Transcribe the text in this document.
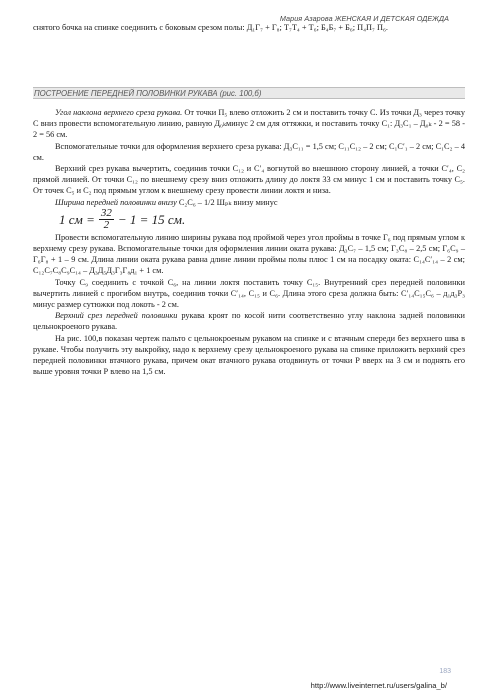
Мария Азарова ЖЕНСКАЯ И ДЕТСКАЯ ОДЕЖДА
снятого бочка на спинке соединить с боковым срезом полы: Д₁Г₇ + Г₈; Т₇Т₄ + Т₆; Б₄Б₇ + Б₆; П₄П₇ П₆.
ПОСТРОЕНИЕ ПЕРЕДНЕЙ ПОЛОВИНКИ РУКАВА (рис. 100,б)

Угол наклона верхнего среза рукава. От точки П₅ влево отложить 2 см и поставить точку С. Из точки Д₃ через точку С вниз провести вспомогательную линию, равную Д₀ₖминус 2 см для оттяжки, и поставить точку С₁: Д₃С₁ – Д₀ₖ - 2 = 58 - 2 = 56 см.

Вспомогательные точки для оформления верхнего среза рукава: Д₃С₁₁ = 1,5 см; С₁₁С₁₂ – 2 см; С₁С′₁ – 2 см; С₁С₂ – 4 см.

Верхний срез рукава вычертить, соединив точки С₁₂ и С′₄ вогнутой во внешнюю сторону линией, а точки С′₄, С₂ прямой линией. От точки С₁₂ по внешнему срезу вниз отложить длину до локтя 33 см минус 1 см и поставить точку С₅. От точек С₅ и С₂ под прямым углом к внешнему срезу провести линии локтя и низа.

Ширина передней половинки внизу С₂С₆ – 1/2 Шₚₖ внизу минус

1 см = $\frac{32}{2} - 1 = 15$ см.

Провести вспомогательную линию ширины рукава под проймой через угол проймы в точке Г₆ под прямым углом к верхнему срезу рукава. Вспомогательные точки для оформления линии оката рукава: Д₃С₇ – 1,5 см; Г₃С₈ – 2,5 см; Г₆С₉ – Г₆Г₈ + 1 – 9 см. Длина линии оката рукава равна длине линии проймы полы плюс 1 см на посадку оката: С₁₄С′₁₄ – 2 см; С₁₂С₇С₈С₉С₁₄ – Д₃Д₅Д₃Г₃Г₈д₁ + 1 см.

Точку С₉ соединить с точкой С₆, на линии локтя поставить точку С₁₅. Внутренний срез передней половинки вычертить линией с прогибом внутрь, соединив точки С′₁₄, С₁₅ и С₆. Длина этого среза должна быть: С′₁₄С₁₅С₆ – д₁д₃Р₃ минус размер сутюжки под локоть - 2 см.

Верхний срез передней половинки рукава кроят по косой нити соответственно углу наклона задней половинки цельнокроеного рукава.

На рис. 100,в показан чертеж пальто с цельнокроеным рукавом на спинке и с втачным спереди без верхнего шва в рукаве. Чтобы получить эту выкройку, надо к верхнему срезу цельнокроеного рукава на спинке приложить верхний срез передней половинки втачного рукава, причем окат втачного рукава отодвинуть от точки Р вверх на 3 см и поднять его выше уровня точки Р влево на 1,5 см.

183
http://www.liveinternet.ru/users/galina_b/
